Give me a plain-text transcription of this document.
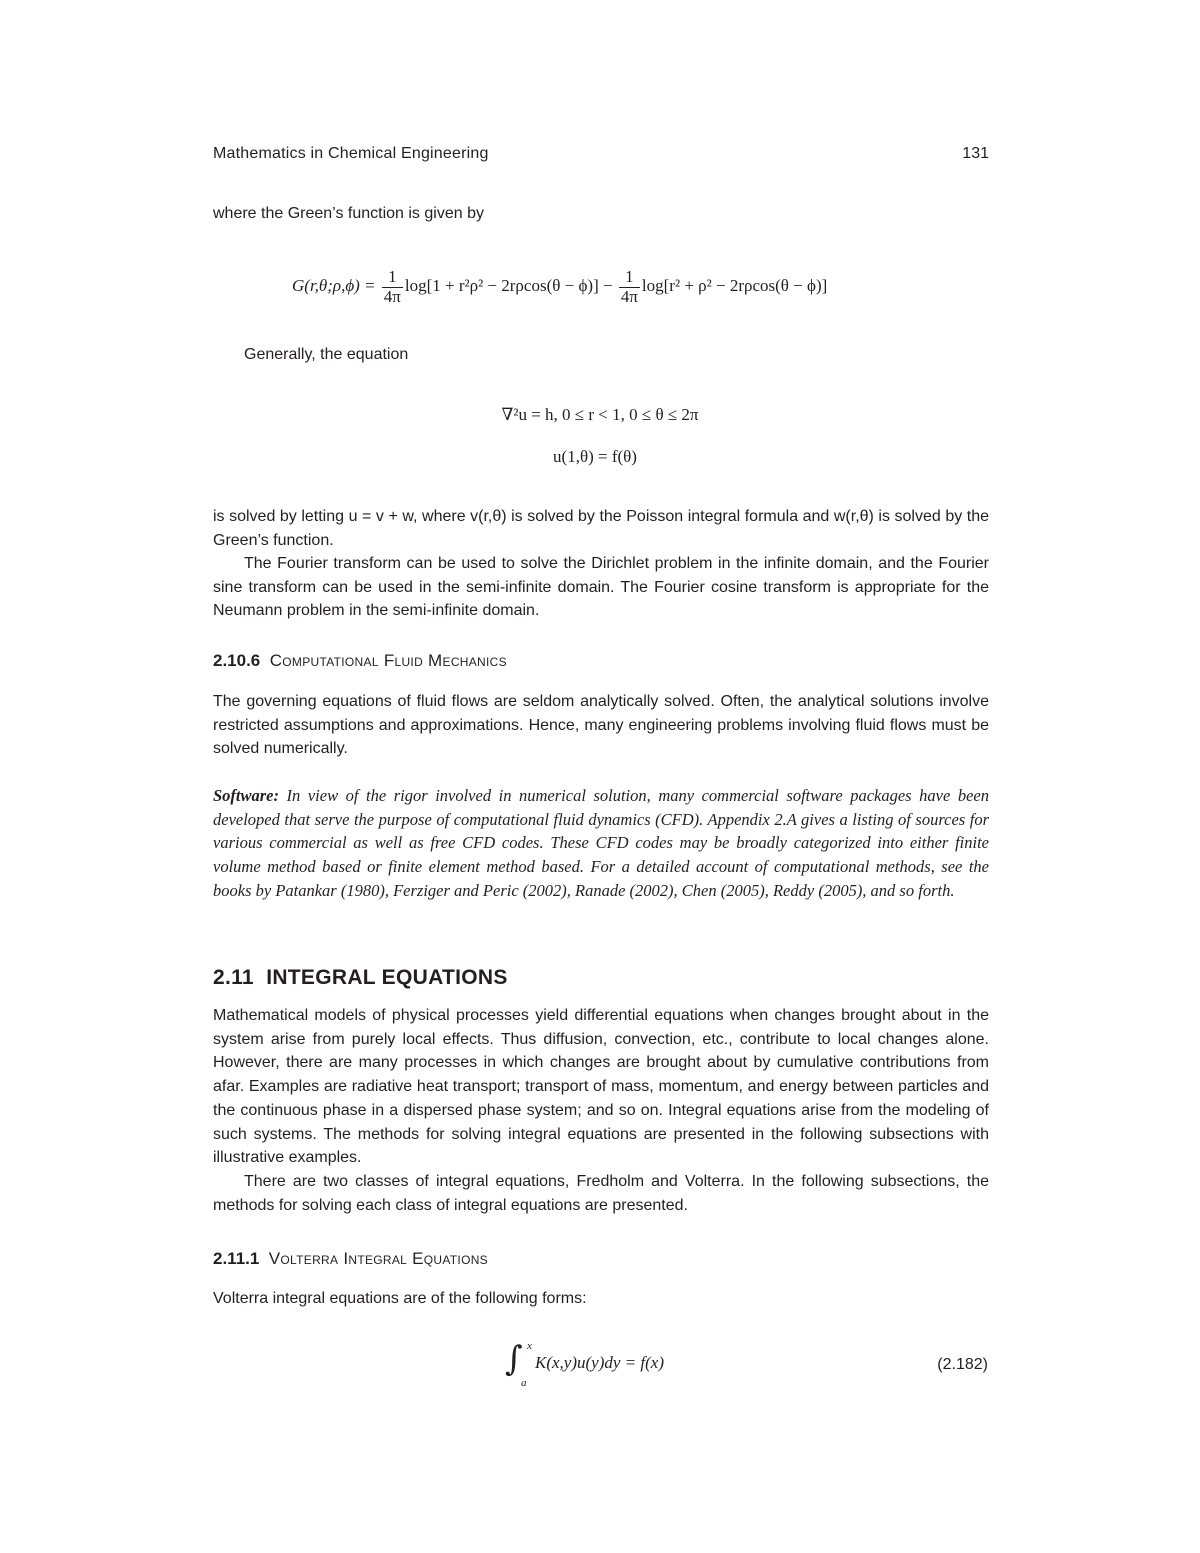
Mathematics in Chemical Engineering	131

where the Green’s function is given by

G(r,θ;ρ,ϕ) = $\frac{1}{4\pi} \log[1 + r^2\rho^2 - 2r\rho\cos(\theta - \phi)] - \frac{1}{4\pi} \log[r^2 + \rho^2 - 2r\rho\cos(\theta - \phi)]$

Generally, the equation

∇²u = h, 0 ≤ r < 1, 0 ≤ θ ≤ 2π
u(1,θ) = f(θ)

is solved by letting u = v + w, where v(r,θ) is solved by the Poisson integral formula and w(r,θ) is solved by the Green’s function.

The Fourier transform can be used to solve the Dirichlet problem in the infinite domain, and the Fourier sine transform can be used in the semi-infinite domain. The Fourier cosine transform is appropriate for the Neumann problem in the semi-infinite domain.

2.10.6 Computational Fluid Mechanics

The governing equations of fluid flows are seldom analytically solved. Often, the analytical solutions involve restricted assumptions and approximations. Hence, many engineering problems involving fluid flows must be solved numerically.

Software: In view of the rigor involved in numerical solution, many commercial software packages have been developed that serve the purpose of computational fluid dynamics (CFD). Appendix 2.A gives a listing of sources for various commercial as well as free CFD codes. These CFD codes may be broadly categorized into either finite volume method based or finite element method based. For a detailed account of computational methods, see the books by Patankar (1980), Ferziger and Peric (2002), Ranade (2002), Chen (2005), Reddy (2005), and so forth.

2.11 INTEGRAL EQUATIONS

Mathematical models of physical processes yield differential equations when changes brought about in the system arise from purely local effects. Thus diffusion, convection, etc., contribute to local changes alone. However, there are many processes in which changes are brought about by cumulative contributions from afar. Examples are radiative heat transport; transport of mass, momentum, and energy between particles and the continuous phase in a dispersed phase system; and so on. Integral equations arise from the modeling of such systems. The methods for solving integral equations are presented in the following subsections with illustrative examples.

There are two classes of integral equations, Fredholm and Volterra. In the following subsections, the methods for solving each class of integral equations are presented.

2.11.1 Volterra Integral Equations

Volterra integral equations are of the following forms:

∫ x
a
K(x,y)u(y)dy = f(x)	(2.182)
